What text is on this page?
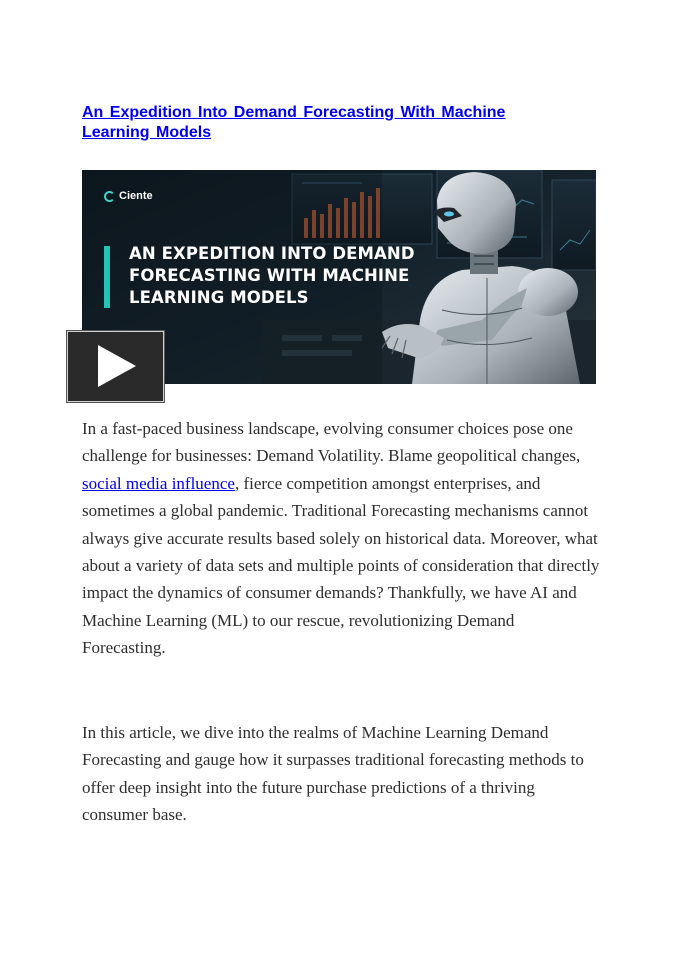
An Expedition Into Demand Forecasting With Machine Learning Models
Ciente
AN EXPEDITION INTO DEMAND
FORECASTING WITH MACHINE
LEARNING MODELS

In a fast-paced business landscape, evolving consumer choices pose one challenge for businesses: Demand Volatility. Blame geopolitical changes, social media influence, fierce competition amongst enterprises, and sometimes a global pandemic. Traditional Forecasting mechanisms cannot always give accurate results based solely on historical data. Moreover, what about a variety of data sets and multiple points of consideration that directly impact the dynamics of consumer demands? Thankfully, we have AI and Machine Learning (ML) to our rescue, revolutionizing Demand Forecasting.

In this article, we dive into the realms of Machine Learning Demand Forecasting and gauge how it surpasses traditional forecasting methods to offer deep insight into the future purchase predictions of a thriving consumer base.
